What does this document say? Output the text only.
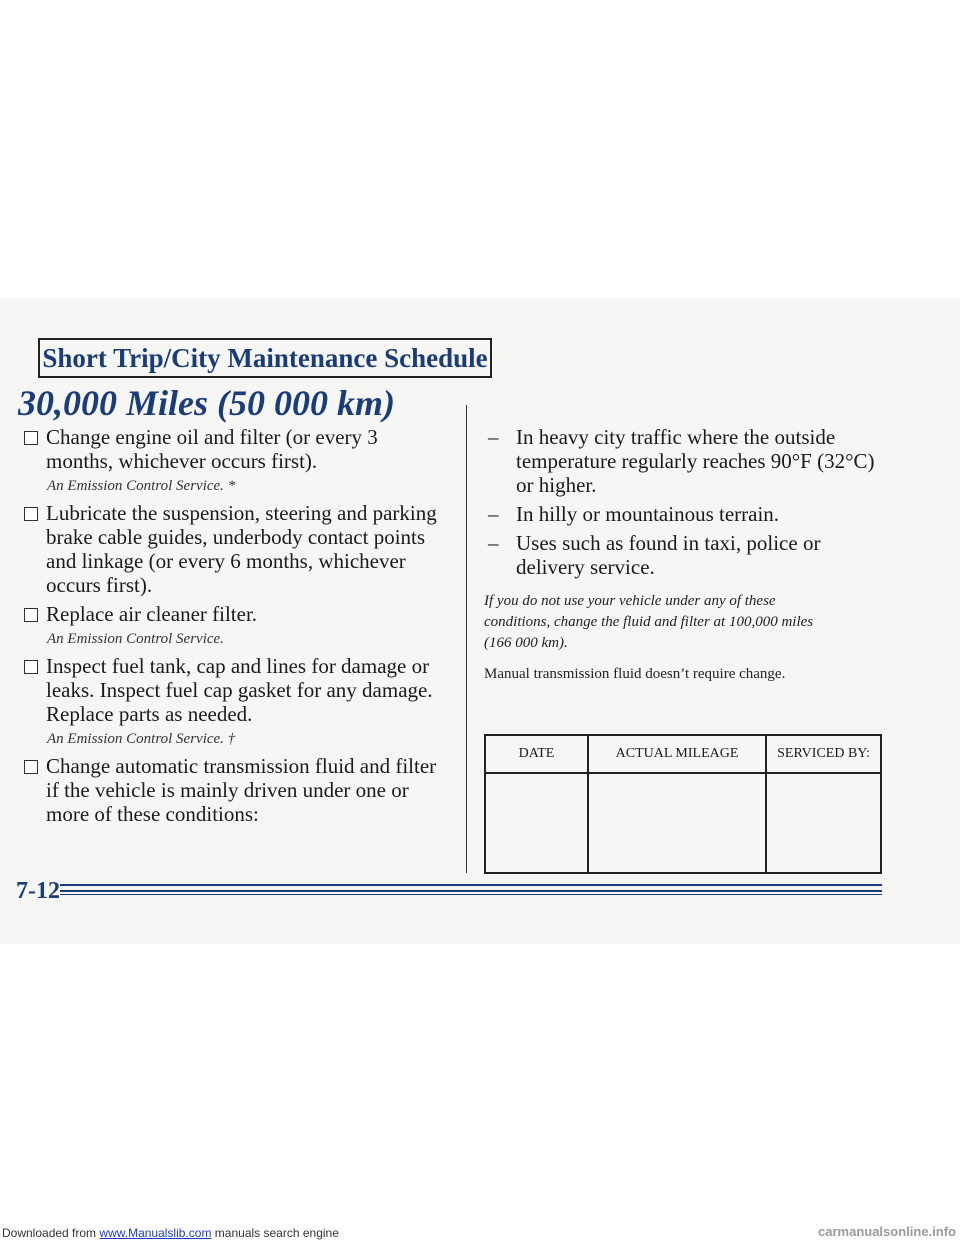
Short Trip/City Maintenance Schedule
30,000 Miles (50 000 km)
Change engine oil and filter (or every 3 months, whichever occurs first).
An Emission Control Service. *
Lubricate the suspension, steering and parking brake cable guides, underbody contact points and linkage (or every 6 months, whichever occurs first).
Replace air cleaner filter.
An Emission Control Service.
Inspect fuel tank, cap and lines for damage or leaks. Inspect fuel cap gasket for any damage. Replace parts as needed.
An Emission Control Service. †
Change automatic transmission fluid and filter if the vehicle is mainly driven under one or more of these conditions:
– In heavy city traffic where the outside temperature regularly reaches 90°F (32°C) or higher.
– In hilly or mountainous terrain.
– Uses such as found in taxi, police or delivery service.
If you do not use your vehicle under any of these conditions, change the fluid and filter at 100,000 miles (166 000 km).
Manual transmission fluid doesn’t require change.
DATE	ACTUAL MILEAGE	SERVICED BY:

7-12
Downloaded from www.Manualslib.com manuals search engine	carmanualsonline.info
